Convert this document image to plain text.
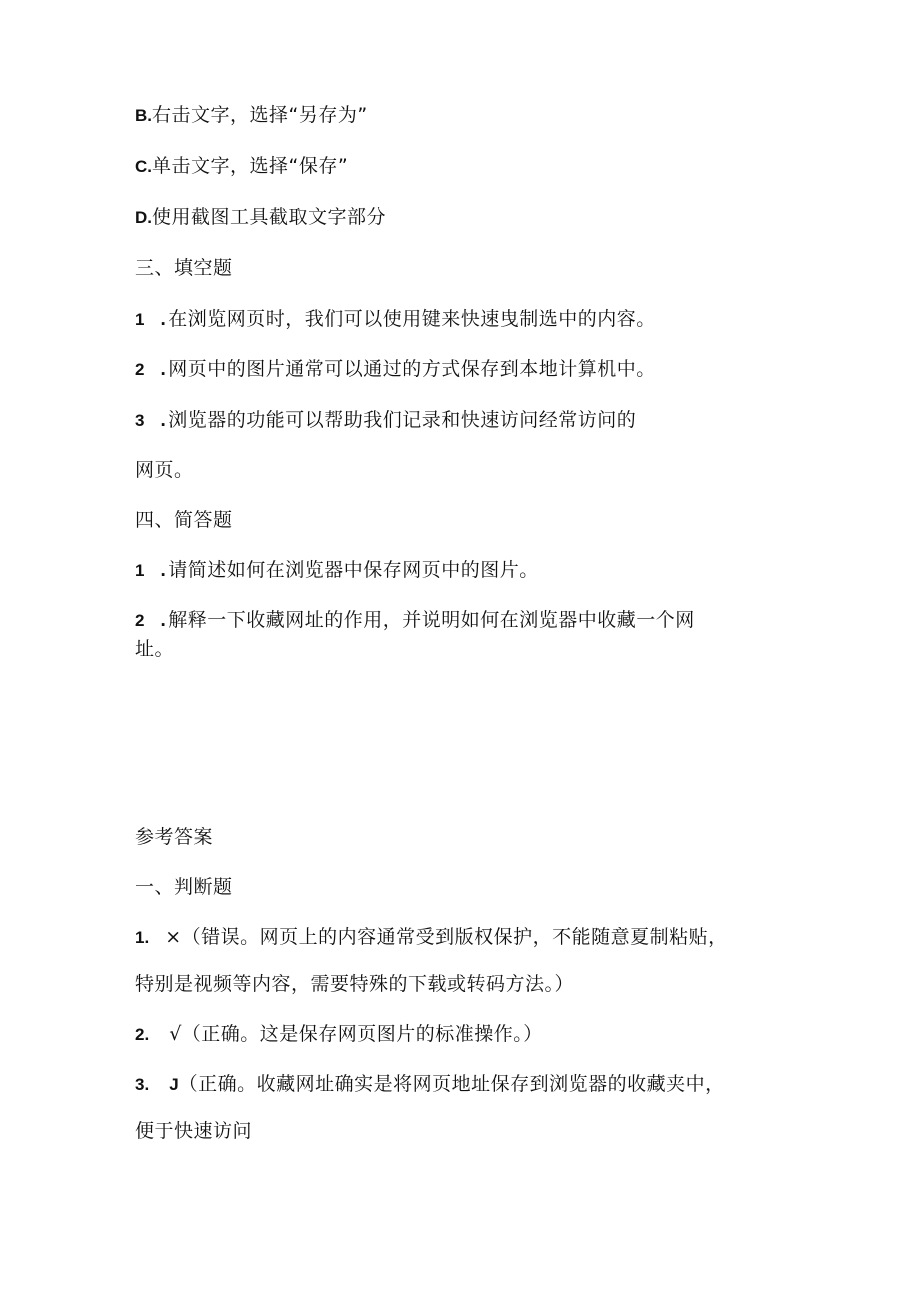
B.右击文字，选择“另存为”
C.单击文字，选择“保存”
D.使用截图工具截取文字部分
三、填空题
1 . 在浏览网页时，我们可以使用键来快速曳制选中的内容。
2 . 网页中的图片通常可以通过的方式保存到本地计算机中。
3 . 浏览器的功能可以帮助我们记录和快速访问经常访问的
网页。
四、简答题
1 . 请简述如何在浏览器中保存网页中的图片。
2 . 解释一下收藏网址的作用，并说明如何在浏览器中收藏一个网
址。
参考答案
一、判断题
1. ×（错误。网页上的内容通常受到版权保护，不能随意夏制粘贴，
特别是视频等内容，需要特殊的下载或转码方法。）
2. √（正确。这是保存网页图片的标准操作。）
3. J（正确。收藏网址确实是将网页地址保存到浏览器的收藏夹中，
便于快速访问
